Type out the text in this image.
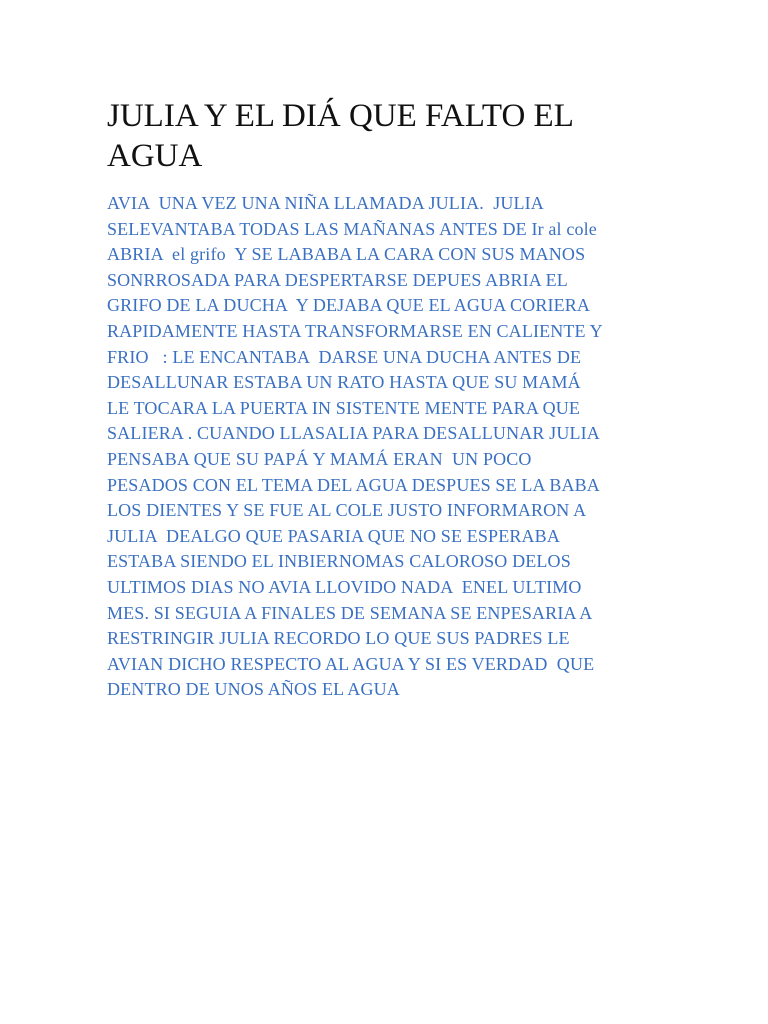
JULIA Y EL DIÁ QUE FALTO EL
AGUA
AVIA  UNA VEZ UNA NIÑA LLAMADA JULIA.  JULIA
SELEVANTABA TODAS LAS MAÑANAS ANTES DE Ir al cole
ABRIA  el grifo  Y SE LABABA LA CARA CON SUS MANOS
SONRROSADA PARA DESPERTARSE DEPUES ABRIA EL
GRIFO DE LA DUCHA  Y DEJABA QUE EL AGUA CORIERA
RAPIDAMENTE HASTA TRANSFORMARSE EN CALIENTE Y
FRIO   : LE ENCANTABA  DARSE UNA DUCHA ANTES DE
DESALLUNAR ESTABA UN RATO HASTA QUE SU MAMÁ
LE TOCARA LA PUERTA IN SISTENTE MENTE PARA QUE
SALIERA . CUANDO LLASALIA PARA DESALLUNAR JULIA
PENSABA QUE SU PAPÁ Y MAMÁ ERAN  UN POCO
PESADOS CON EL TEMA DEL AGUA DESPUES SE LA BABA
LOS DIENTES Y SE FUE AL COLE JUSTO INFORMARON A
JULIA  DEALGO QUE PASARIA QUE NO SE ESPERABA
ESTABA SIENDO EL INBIERNOMAS CALOROSO DELOS
ULTIMOS DIAS NO AVIA LLOVIDO NADA  ENEL ULTIMO
MES. SI SEGUIA A FINALES DE SEMANA SE ENPESARIA A
RESTRINGIR JULIA RECORDO LO QUE SUS PADRES LE
AVIAN DICHO RESPECTO AL AGUA Y SI ES VERDAD  QUE
DENTRO DE UNOS AÑOS EL AGUA
